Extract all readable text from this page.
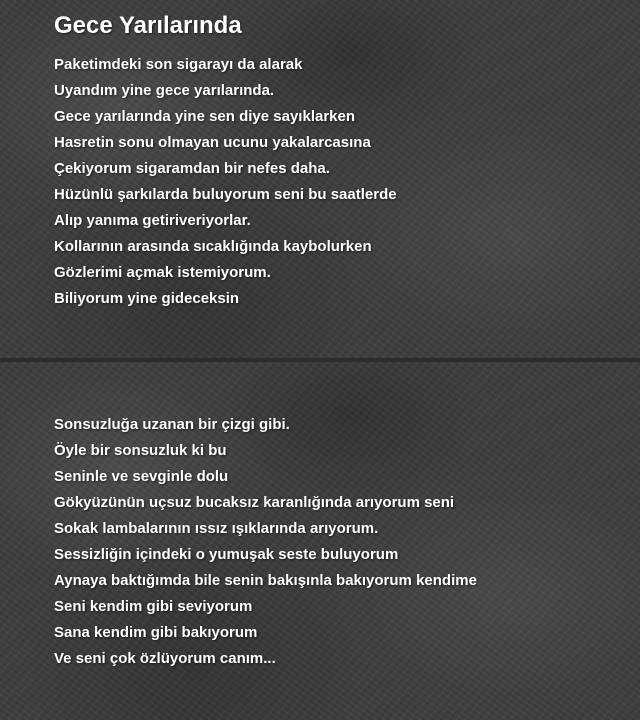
Gece Yarılarında
Paketimdeki son sigarayı da alarak
Uyandım yine gece yarılarında.
Gece yarılarında yine sen diye sayıklarken
Hasretin sonu olmayan ucunu yakalarcasına
Çekiyorum sigaramdan bir nefes daha.
Hüzünlü şarkılarda buluyorum seni bu saatlerde
Alıp yanıma getiriveriyorlar.
Kollarının arasında sıcaklığında kaybolurken
Gözlerimi açmak istemiyorum.
Biliyorum yine gideceksin
Sonsuzluğa uzanan bir çizgi gibi.
Öyle bir sonsuzluk ki bu
Seninle ve sevginle dolu
Gökyüzünün uçsuz bucaksız karanlığında arıyorum seni
Sokak lambalarının ıssız ışıklarında arıyorum.
Sessizliğin içindeki o yumuşak seste buluyorum
Aynaya baktığımda bile senin bakışınla bakıyorum kendime
Seni kendim gibi seviyorum
Sana kendim gibi bakıyorum
Ve seni çok özlüyorum canım...
